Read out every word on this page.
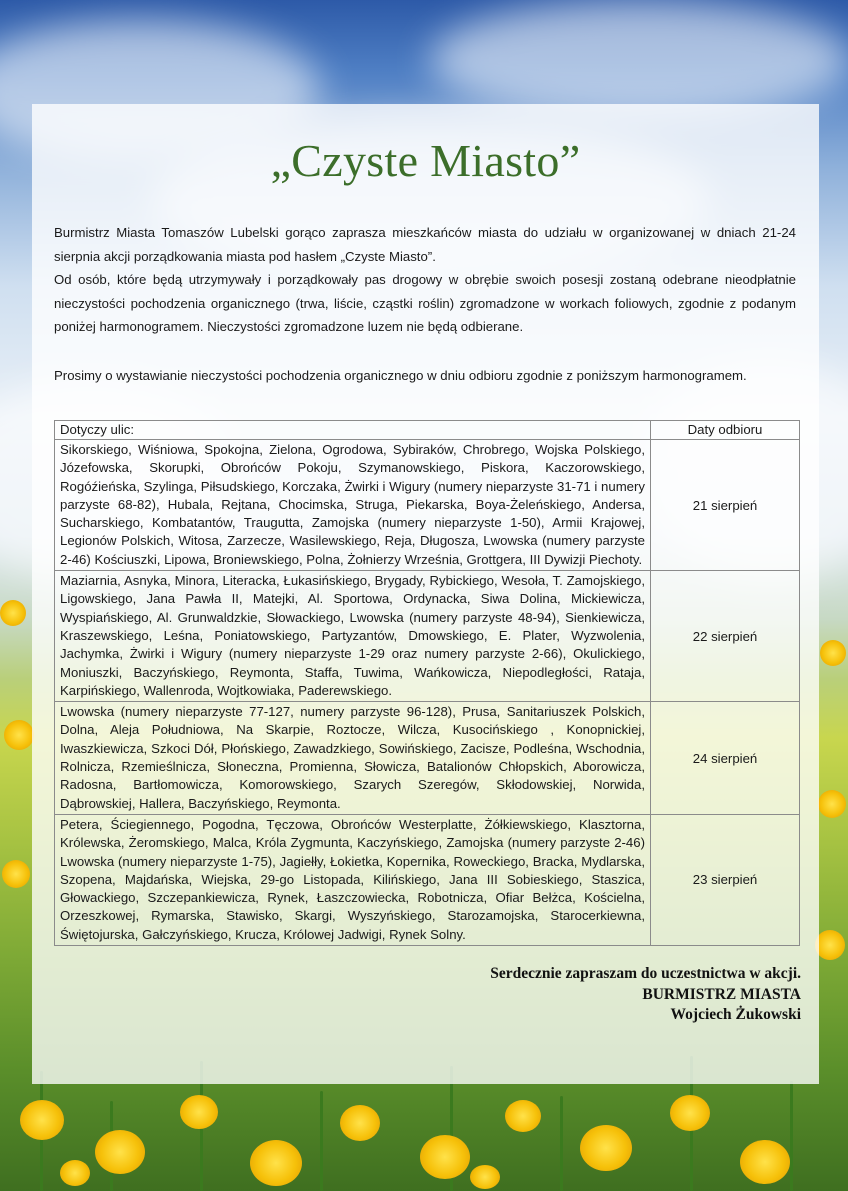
„Czyste Miasto”
Burmistrz Miasta Tomaszów Lubelski gorąco zaprasza mieszkańców miasta do udziału w organizowanej w dniach 21-24 sierpnia akcji porządkowania miasta pod hasłem „Czyste Miasto”.
Od osób, które będą utrzymywały i porządkowały pas drogowy w obrębie swoich posesji zostaną odebrane nieodpłatnie nieczystości pochodzenia organicznego (trwa, liście, cząstki roślin) zgromadzone w workach foliowych, zgodnie z podanym poniżej harmonogramem. Nieczystości zgromadzone luzem nie będą odbierane.
Prosimy o wystawianie nieczystości pochodzenia organicznego w dniu odbioru zgodnie z poniższym harmonogramem.
Dotyczy ulic:	Daty odbioru
Sikorskiego, Wiśniowa, Spokojna, Zielona, Ogrodowa, Sybiraków, Chrobrego, Wojska Polskiego, Józefowska, Skorupki, Obrońców Pokoju, Szymanowskiego, Piskora, Kaczorowskiego, Rogóźieńska, Szylinga, Piłsudskiego, Korczaka, Żwirki i Wigury (numery nieparzyste 31-71 i numery parzyste 68-82), Hubala, Rejtana, Chocimska, Struga, Piekarska, Boya-Żeleńskiego, Andersa, Sucharskiego, Kombatantów, Traugutta, Zamojska (numery nieparzyste 1-50), Armii Krajowej, Legionów Polskich, Witosa, Zarzecze, Wasilewskiego, Reja, Długosza, Lwowska (numery parzyste 2-46) Kościuszki, Lipowa, Broniewskiego, Polna, Żołnierzy Września, Grottgera, III Dywizji Piechoty.	21 sierpień
Maziarnia, Asnyka, Minora, Literacka, Łukasińskiego, Brygady, Rybickiego, Wesoła, T. Zamojskiego, Ligowskiego, Jana Pawła II, Matejki, Al. Sportowa, Ordynacka, Siwa Dolina, Mickiewicza, Wyspiańskiego, Al. Grunwaldzkie, Słowackiego, Lwowska (numery parzyste 48-94), Sienkiewicza, Kraszewskiego, Leśna, Poniatowskiego, Partyzantów, Dmowskiego, E. Plater, Wyzwolenia, Jachymka, Żwirki i Wigury (numery nieparzyste 1-29 oraz numery parzyste 2-66), Okulickiego, Moniuszki, Baczyńskiego, Reymonta, Staffa, Tuwima, Wańkowicza, Niepodległości, Rataja, Karpińskiego, Wallenroda, Wojtkowiaka, Paderewskiego.	22 sierpień
Lwowska (numery nieparzyste 77-127, numery parzyste 96-128), Prusa, Sanitariuszek Polskich, Dolna, Aleja Południowa, Na Skarpie, Roztocze, Wilcza, Kusocińskiego , Konopnickiej, Iwaszkiewicza, Szkoci Dół, Płońskiego, Zawadzkiego, Sowińskiego, Zacisze, Podleśna, Wschodnia, Rolnicza, Rzemieślnicza, Słoneczna, Promienna, Słowicza, Batalionów Chłopskich, Aborowicza, Radosna, Bartłomowicza, Komorowskiego, Szarych Szeregów, Skłodowskiej, Norwida, Dąbrowskiej, Hallera, Baczyńskiego, Reymonta.	24 sierpień
Petera, Ściegiennego, Pogodna, Tęczowa, Obrońców Westerplatte, Żółkiewskiego, Klasztorna, Królewska, Żeromskiego, Malca, Króla Zygmunta, Kaczyńskiego, Zamojska (numery parzyste 2-46) Lwowska (numery nieparzyste 1-75), Jagiełły, Łokietka, Kopernika, Roweckiego, Bracka, Mydlarska, Szopena, Majdańska, Wiejska, 29-go Listopada, Kilińskiego, Jana III Sobieskiego, Staszica, Głowackiego, Szczepankiewicza, Rynek, Łaszczowiecka, Robotnicza, Ofiar Bełżca, Kościelna, Orzeszkowej, Rymarska, Stawisko, Skargi, Wyszyńskiego, Starozamojska, Starocerkiewna, Świętojurska, Gałczyńskiego, Krucza, Królowej Jadwigi, Rynek Solny.	23 sierpień
Serdecznie zapraszam do uczestnictwa w akcji.
BURMISTRZ MIASTA
Wojciech Żukowski
